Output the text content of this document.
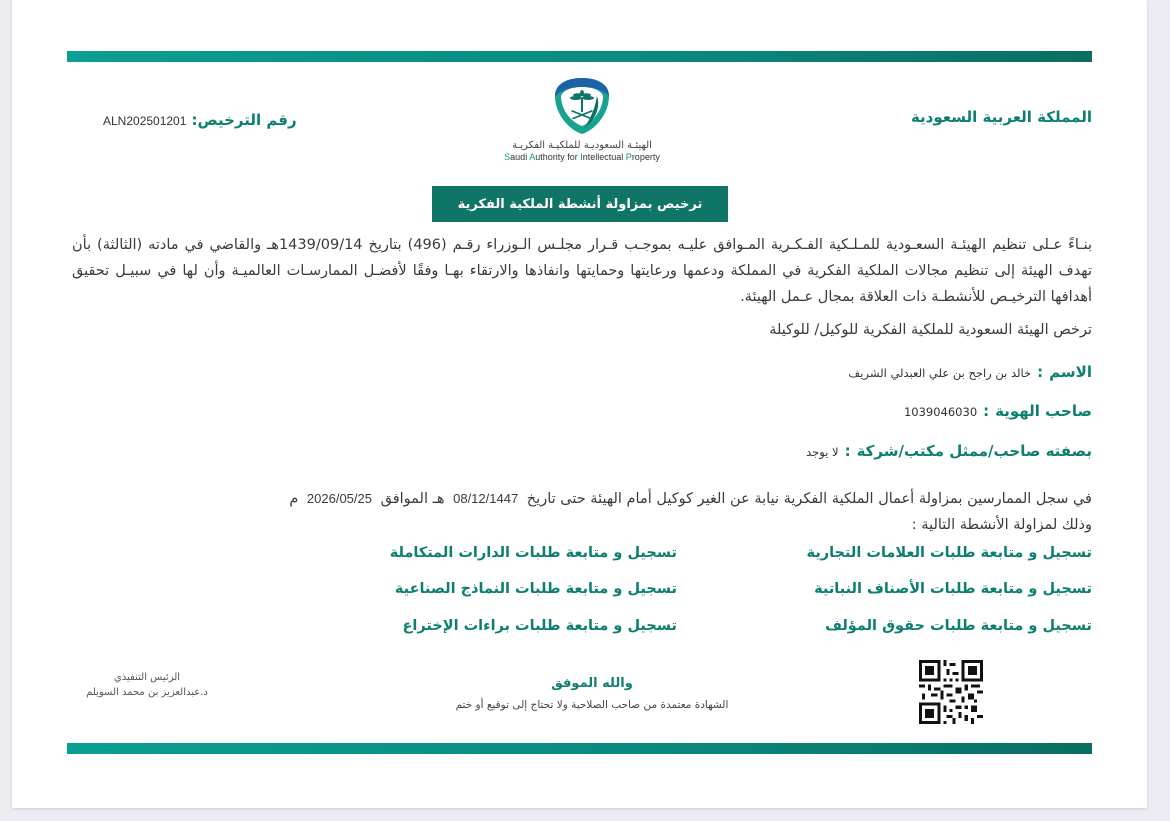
المملكة العربية السعودية
رقم الترخيص: ALN202501201
الهيئـة السعوديـة للملكيـة الفكريـة
Saudi Authority for Intellectual Property
ترخيص بمزاولة أنشطة الملكية الفكرية
بنـاءً عـلى تنظيم الهيئـة السعـودية للمـلـكية الفـكـرية المـوافق عليـه بموجـب قـرار مجلـس الـوزراء رقـم (496) بتاريخ 1439/09/14هـ والقاضي في مادته (الثالثة) بأن تهدف الهيئة إلى تنظيم مجالات الملكية الفكرية في المملكة ودعمها ورعايتها وحمايتها وانفاذها والارتقاء بهـا وفقًا لأفضـل الممارسـات العالميـة وأن لها في سبيـل تحقيق أهدافها الترخيـص للأنشطـة ذات العلاقة بمجال عـمل الهيئة.
ترخص الهيئة السعودية للملكية الفكرية للوكيل/ للوكيلة
الاسم:خالد بن راجح بن علي العبدلي الشريف
صاحب الهوية:1039046030
بصفته صاحب/ممثل مكتب/شركة:لا يوجد
في سجل الممارسين بمزاولة أعمال الملكية الفكرية نيابة عن الغير كوكيل أمام الهيئة حتى تاريخ 08/12/1447 هـ الموافق 2026/05/25 م
وذلك لمزاولة الأنشطة التالية :
تسجيل و متابعة طلبات العلامات التجارية
تسجيل و متابعة طلبات الأصناف النباتية
تسجيل و متابعة طلبات حقوق المؤلف
تسجيل و متابعة طلبات الدارات المتكاملة
تسجيل و متابعة طلبات النماذج الصناعية
تسجيل و متابعة طلبات براءات الإختراع
والله الموفق
الشهادة معتمدة من صاحب الصلاحية ولا تحتاج إلى توقيع أو ختم
الرئيس التنفيذي
د.عبدالعزيز بن محمد السويلم
